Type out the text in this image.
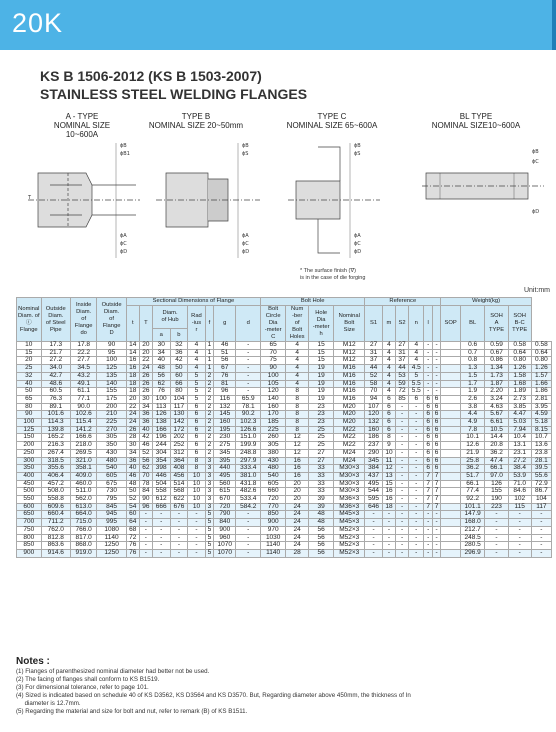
20K
KS B 1506-2012 (KS B 1503-2007)
STAINLESS STEEL WELDING FLANGES
A - TYPE
NOMINAL SIZE 10~600A
TYPE B
NOMINAL SIZE 20~50mm
TYPE C
NOMINAL SIZE 65~600A
BL TYPE
NOMINAL SIZE10~600A
ϕB
ϕB1
ϕA
ϕC
ϕD
T
ϕB
ϕS
ϕA
ϕC
ϕD
ϕB
ϕS
ϕA
ϕC
ϕD
ϕB
ϕC
ϕD
* The surface finish (ᐁ)
is in the case of die forging
Unit:mm
Nominal
Diam. of
ⓘ
Flange	Outside
Diam.
of Steel
Pipe	Inside
Diam.
of
Flange
do	Outside
Diam.
of
Flange
D	Sectional Dimensions of Flange								Bolt Hole				Reference						Weight(kg)				
				t	T	Diam.
of Hub		Rad
-ius
r	f	g	d	Bolt
Circle
Dia
-meter
C	Num
-ber
of
Bolt
Holes	Hole
Dia
-meter
h	Nominal
Bolt
Size	S1	m	S2	n	l		SOP	BL	SOH
A
TYPE	SOH
B-C
TYPE	
						a	b																			
10	17.3	17.8	90	14	20	30	32	4	1	46	-	65	4	15	M12	27	4	27	4	-	-		0.6	0.59	0.58	0.58
15	21.7	22.2	95	14	20	34	36	4	1	51	-	70	4	15	M12	31	4	31	4	-	-		0.7	0.67	0.64	0.64
20	27.2	27.7	100	16	22	40	42	4	1	56	-	75	4	15	M12	37	4	37	4	-	-		0.8	0.86	0.80	0.80
25	34.0	34.5	125	16	24	48	50	4	1	67	-	90	4	19	M16	44	4	44	4.5	-	-		1.3	1.34	1.26	1.26
32	42.7	43.2	135	18	26	56	60	5	2	76	-	100	4	19	M16	52	4	53	5	-	-		1.5	1.73	1.58	1.57
40	48.6	49.1	140	18	26	62	66	5	2	81	-	105	4	19	M16	58	4	59	5.5	-	-		1.7	1.87	1.68	1.66
50	60.5	61.1	155	18	26	76	80	5	2	96	-	120	8	19	M16	70	4	72	5.5	-	-		1.9	2.20	1.89	1.86
65	76.3	77.1	175	20	30	100	104	5	2	116	65.9	140	8	19	M16	94	6	85	6	6	6		2.6	3.24	2.73	2.81
80	89.1	90.0	200	22	34	113	117	6	2	132	78.1	160	8	23	M20	107	6	-	-	6	6		3.8	4.63	3.85	3.95
90	101.6	102.6	210	24	36	126	130	6	2	145	90.2	170	8	23	M20	120	6	-	-	6	6		4.4	5.67	4.47	4.59
100	114.3	115.4	225	24	36	138	142	6	2	160	102.3	185	8	23	M20	132	6	-	-	6	6		4.9	6.61	5.03	5.18
125	139.8	141.2	270	26	40	166	172	6	2	195	126.6	225	8	25	M22	160	6	-	-	6	6		7.8	10.5	7.94	8.15
150	165.2	166.6	305	28	42	196	202	6	2	230	151.0	260	12	25	M22	186	8	-	-	6	6		10.1	14.4	10.4	10.7
200	216.3	218.0	350	30	46	244	252	6	2	275	199.9	305	12	25	M22	237	9	-	-	6	6		12.6	20.8	13.1	13.6
250	267.4	269.5	430	34	52	304	312	6	2	345	248.8	380	12	27	M24	290	10	-	-	6	6		21.9	36.2	23.1	23.8
300	318.5	321.0	480	36	56	354	364	8	3	395	297.9	430	16	27	M24	345	11	-	-	6	6		25.8	47.4	27.2	28.1
350	355.6	358.1	540	40	62	398	408	8	3	440	333.4	480	16	33	M30×3	384	12	-	-	6	6		36.2	66.1	38.4	39.5
400	406.4	409.0	605	46	70	446	456	10	3	495	381.0	540	16	33	M30×3	437	13	-	-	7	7		51.7	97.0	53.9	55.6
450	457.2	460.0	675	48	78	504	514	10	3	560	431.8	605	20	33	M30×3	495	15	-	-	7	7		66.1	126	71.0	72.9
500	508.0	511.0	730	50	84	558	568	10	3	615	482.6	660	20	33	M30×3	544	16	-	-	7	7		77.4	155	84.6	86.7
550	558.8	562.0	795	52	90	612	622	10	3	670	533.4	720	20	39	M36×3	595	16	-	-	7	7		92.2	190	102	104
600	609.6	613.0	845	54	96	666	676	10	3	720	584.2	770	24	39	M36×3	646	18	-	-	7	7		101.1	223	115	117
650	660.4	664.0	945	60	-	-	-	-	5	790	-	850	24	48	M45×3	-	-	-	-	-	-		147.9	-	-	-
700	711.2	715.0	995	64	-	-	-	-	5	840	-	900	24	48	M45×3	-	-	-	-	-	-		168.0	-	-	-
750	762.0	766.0	1080	68	-	-	-	-	5	900	-	970	24	56	M52×3	-	-	-	-	-	-		212.7	-	-	-
800	812.8	817.0	1140	72	-	-	-	-	5	960	-	1030	24	56	M52×3	-	-	-	-	-	-		248.5	-	-	-
850	863.6	868.0	1250	76	-	-	-	-	5	1070	-	1140	24	56	M52×3	-	-	-	-	-	-		280.5	-	-	-
900	914.6	919.0	1250	76	-	-	-	-	5	1070	-	1140	28	56	M52×3	-	-	-	-	-	-		296.9	-	-	-
Notes :
(1) Flanges of parenthesized nominal diameter had better not be used.
(2) The facing of flanges shall conform to KS B1519.
(3) For dimensional tolerance, refer to page 101.
(4) Sized is indicated based on schedule 40 of KS D3562, KS D3564 and KS D3570. But, Regarding diameter above 450mm, the thickness of In
diameter is 12.7mm.
(5) Regarding the material and size for bolt and nut, refer to remark (B) of KS B1511.
